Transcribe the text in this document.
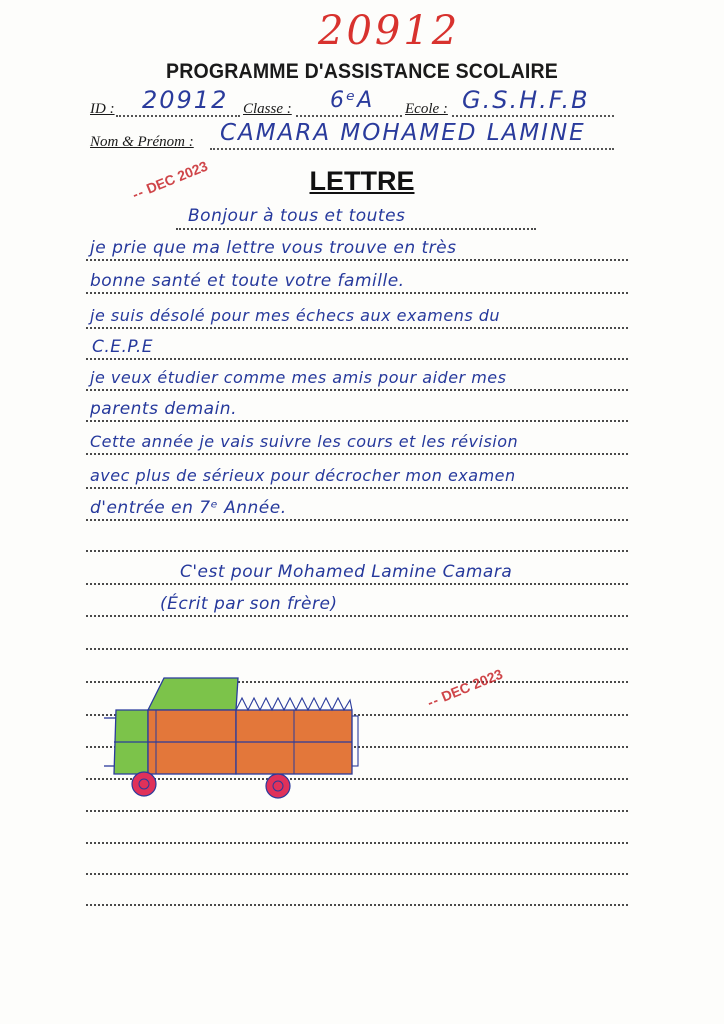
20912
PROGRAMME D'ASSISTANCE SCOLAIRE
ID : 20912 Classe : 6ᵉA Ecole : G.S.H.F.B
Nom & Prénom : CAMARA MOHAMED LAMINE
-- DEC 2023	LETTRE
Bonjour à tous et toutes
je prie que ma lettre vous trouve en très
bonne santé et toute votre famille.
je suis désolé pour mes échecs aux examens du
C.E.P.E
je veux étudier comme mes amis pour aider mes
parents demain.
Cette année je vais suivre les cours et les révision
avec plus de sérieux pour décrocher mon examen
d'entrée en 7ᵉ Année.
C'est pour Mohamed Lamine Camara
(Écrit par son frère)
-- DEC 2023
